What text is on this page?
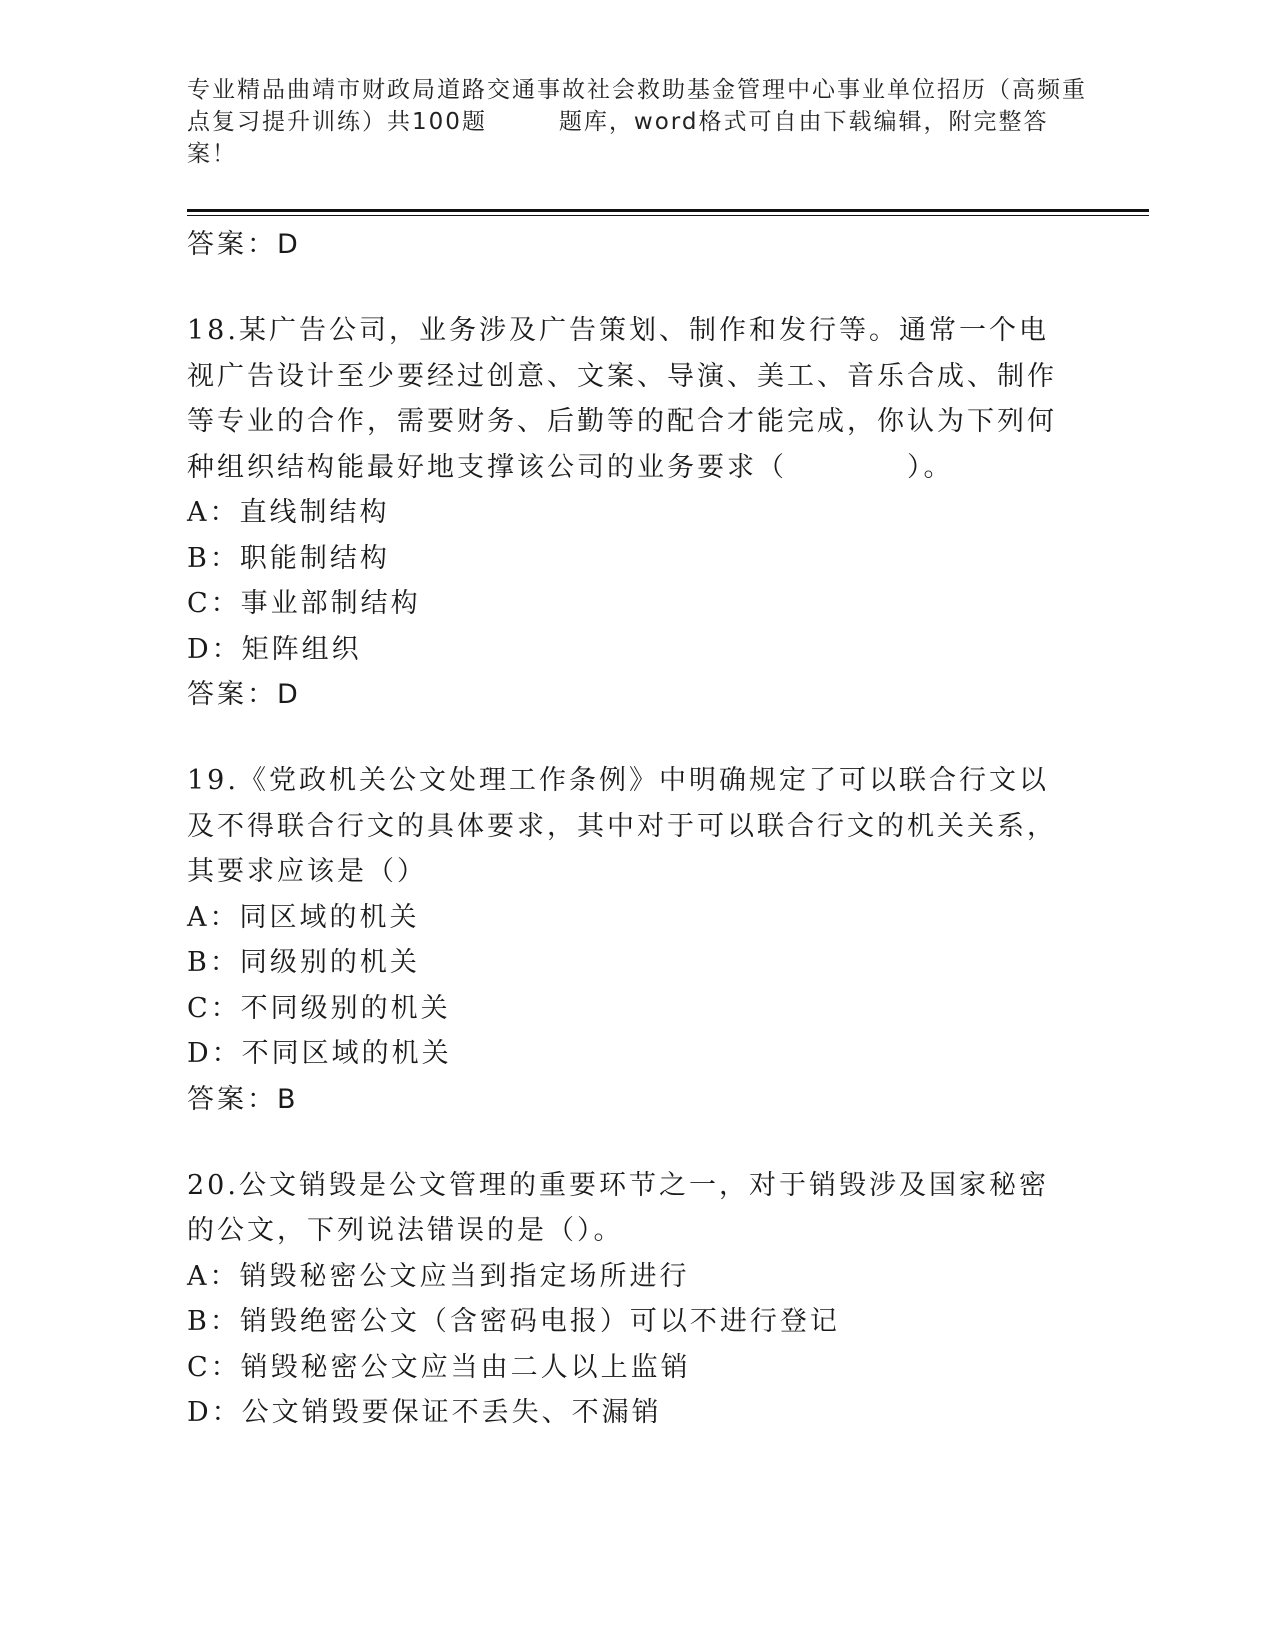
专业精品曲靖市财政局道路交通事故社会救助基金管理中心事业单位招历（高频重点复习提升训练）共100题	题库，word格式可自由下载编辑，附完整答案！
答案：D
18.某广告公司，业务涉及广告策划、制作和发行等。通常一个电视广告设计至少要经过创意、文案、导演、美工、音乐合成、制作等专业的合作，需要财务、后勤等的配合才能完成，你认为下列何种组织结构能最好地支撑该公司的业务要求（　　　　）。
A：直线制结构
B：职能制结构
C：事业部制结构
D：矩阵组织
答案：D
19.《党政机关公文处理工作条例》中明确规定了可以联合行文以及不得联合行文的具体要求，其中对于可以联合行文的机关关系，其要求应该是（）
A：同区域的机关
B：同级别的机关
C：不同级别的机关
D：不同区域的机关
答案：B
20.公文销毁是公文管理的重要环节之一，对于销毁涉及国家秘密的公文，下列说法错误的是（）。
A：销毁秘密公文应当到指定场所进行
B：销毁绝密公文（含密码电报）可以不进行登记
C：销毁秘密公文应当由二人以上监销
D：公文销毁要保证不丢失、不漏销
